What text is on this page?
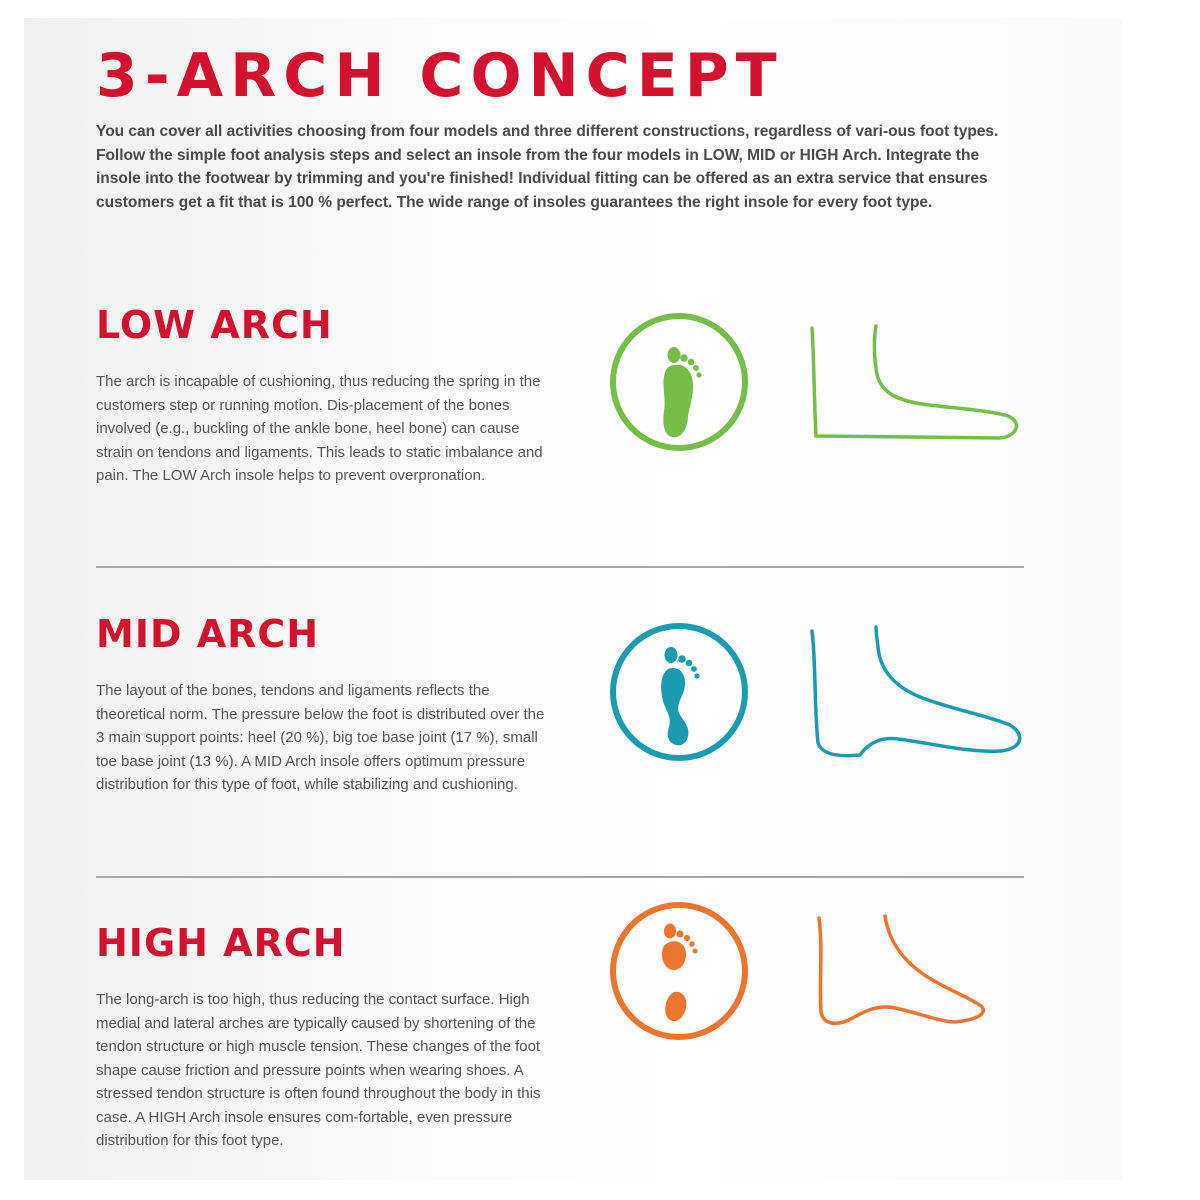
3-ARCH CONCEPT

You can cover all activities choosing from four models and three different constructions, regardless of vari-ous foot types. Follow the simple foot analysis steps and select an insole from the four models in LOW, MID or HIGH Arch. Integrate the insole into the footwear by trimming and you're finished! Individual fitting can be offered as an extra service that ensures customers get a fit that is 100 % perfect. The wide range of insoles guarantees the right insole for every foot type.

LOW ARCH

The arch is incapable of cushioning, thus reducing the spring in the customers step or running motion. Dis-placement of the bones involved (e.g., buckling of the ankle bone, heel bone) can cause strain on tendons and ligaments. This leads to static imbalance and pain. The LOW Arch insole helps to prevent overpronation.

MID ARCH

The layout of the bones, tendons and ligaments reflects the theoretical norm. The pressure below the foot is distributed over the 3 main support points: heel (20 %), big toe base joint (17 %), small toe base joint (13 %). A MID Arch insole offers optimum pressure distribution for this type of foot, while stabilizing and cushioning.

HIGH ARCH

The long-arch is too high, thus reducing the contact surface. High medial and lateral arches are typically caused by shortening of the tendon structure or high muscle tension. These changes of the foot shape cause friction and pressure points when wearing shoes. A stressed tendon structure is often found throughout the body in this case. A HIGH Arch insole ensures com-fortable, even pressure distribution for this foot type.
